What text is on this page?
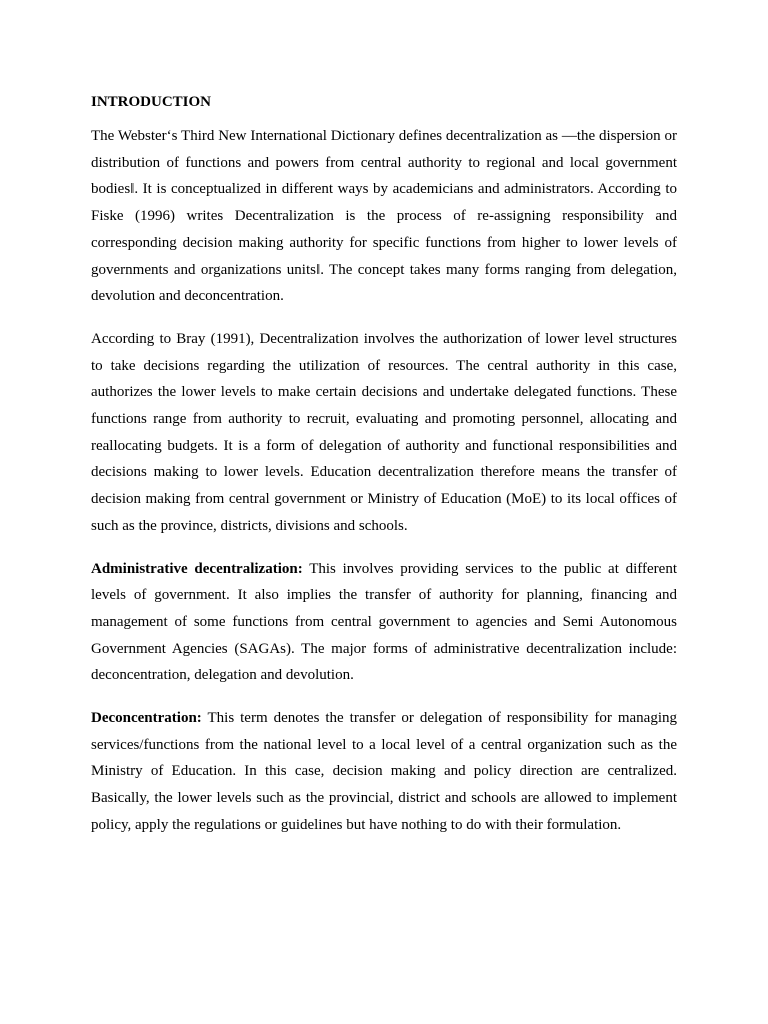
INTRODUCTION

The Webster‘s Third New International Dictionary defines decentralization as ―the dispersion or distribution of functions and powers from central authority to regional and local government bodies‖. It is conceptualized in different ways by academicians and administrators. According to Fiske (1996) writes Decentralization is the process of re-assigning responsibility and corresponding decision making authority for specific functions from higher to lower levels of governments and organizations units‖. The concept takes many forms ranging from delegation, devolution and deconcentration.

According to Bray (1991), Decentralization involves the authorization of lower level structures to take decisions regarding the utilization of resources. The central authority in this case, authorizes the lower levels to make certain decisions and undertake delegated functions. These functions range from authority to recruit, evaluating and promoting personnel, allocating and reallocating budgets. It is a form of delegation of authority and functional responsibilities and decisions making to lower levels. Education decentralization therefore means the transfer of decision making from central government or Ministry of Education (MoE) to its local offices of such as the province, districts, divisions and schools.

Administrative decentralization: This involves providing services to the public at different levels of government. It also implies the transfer of authority for planning, financing and management of some functions from central government to agencies and Semi Autonomous Government Agencies (SAGAs). The major forms of administrative decentralization include: deconcentration, delegation and devolution.

Deconcentration: This term denotes the transfer or delegation of responsibility for managing services/functions from the national level to a local level of a central organization such as the Ministry of Education. In this case, decision making and policy direction are centralized. Basically, the lower levels such as the provincial, district and schools are allowed to implement policy, apply the regulations or guidelines but have nothing to do with their formulation.
